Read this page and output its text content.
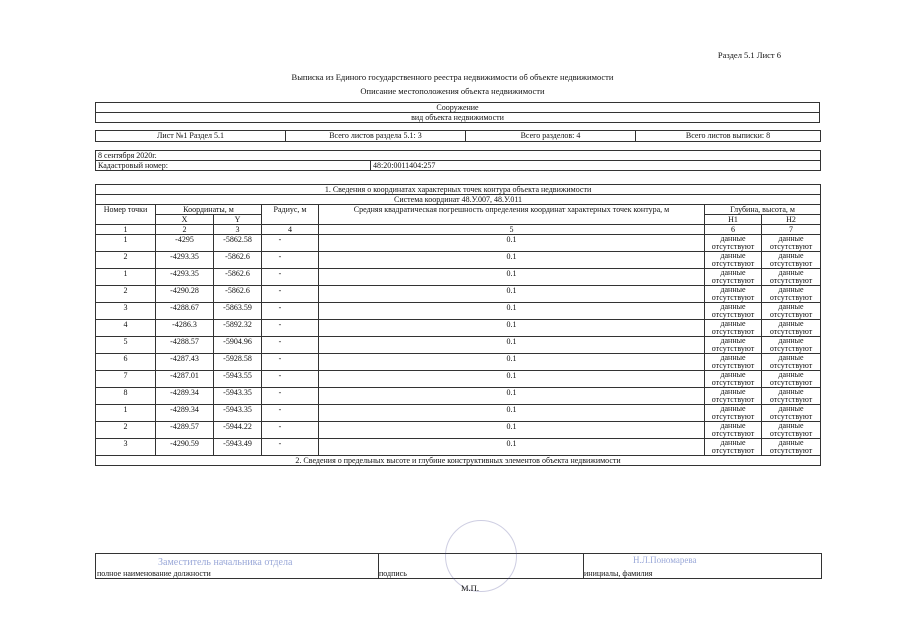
Раздел 5.1 Лист 6
Выписка из Единого государственного реестра недвижимости об объекте недвижимости
Описание местоположения объекта недвижимости
Сооружение
вид объекта недвижимости
Лист №1 Раздел 5.1	Всего листов раздела 5.1: 3	Всего разделов: 4	Всего листов выписки: 8
8 сентября 2020г.
Кадастровый номер:	48:20:0011404:257
1. Сведения о координатах характерных точек контура объекта недвижимости						
Система координат 48.У.007, 48.У.011						
Номер точки	Координаты, м		Радиус, м	Средняя квадратическая погрешность определения координат характерных точек контура, м	Глубина, высота, м	
	X	Y			H1	H2
1	2	3	4	5	6	7
1	-4295	-5862.58	-	0.1	данные отсутствуют	данные отсутствуют
2	-4293.35	-5862.6	-	0.1	данные отсутствуют	данные отсутствуют
1	-4293.35	-5862.6	-	0.1	данные отсутствуют	данные отсутствуют
2	-4290.28	-5862.6	-	0.1	данные отсутствуют	данные отсутствуют
3	-4288.67	-5863.59	-	0.1	данные отсутствуют	данные отсутствуют
4	-4286.3	-5892.32	-	0.1	данные отсутствуют	данные отсутствуют
5	-4288.57	-5904.96	-	0.1	данные отсутствуют	данные отсутствуют
6	-4287.43	-5928.58	-	0.1	данные отсутствуют	данные отсутствуют
7	-4287.01	-5943.55	-	0.1	данные отсутствуют	данные отсутствуют
8	-4289.34	-5943.35	-	0.1	данные отсутствуют	данные отсутствуют
1	-4289.34	-5943.35	-	0.1	данные отсутствуют	данные отсутствуют
2	-4289.57	-5944.22	-	0.1	данные отсутствуют	данные отсутствуют
3	-4290.59	-5943.49	-	0.1	данные отсутствуют	данные отсутствуют
2. Сведения о предельных высоте и глубине конструктивных элементов объекта недвижимости						
Заместитель начальника отдела
полное наименование должности	подпись
Н.Л.Пономарева
инициалы, фамилия
М.П.
